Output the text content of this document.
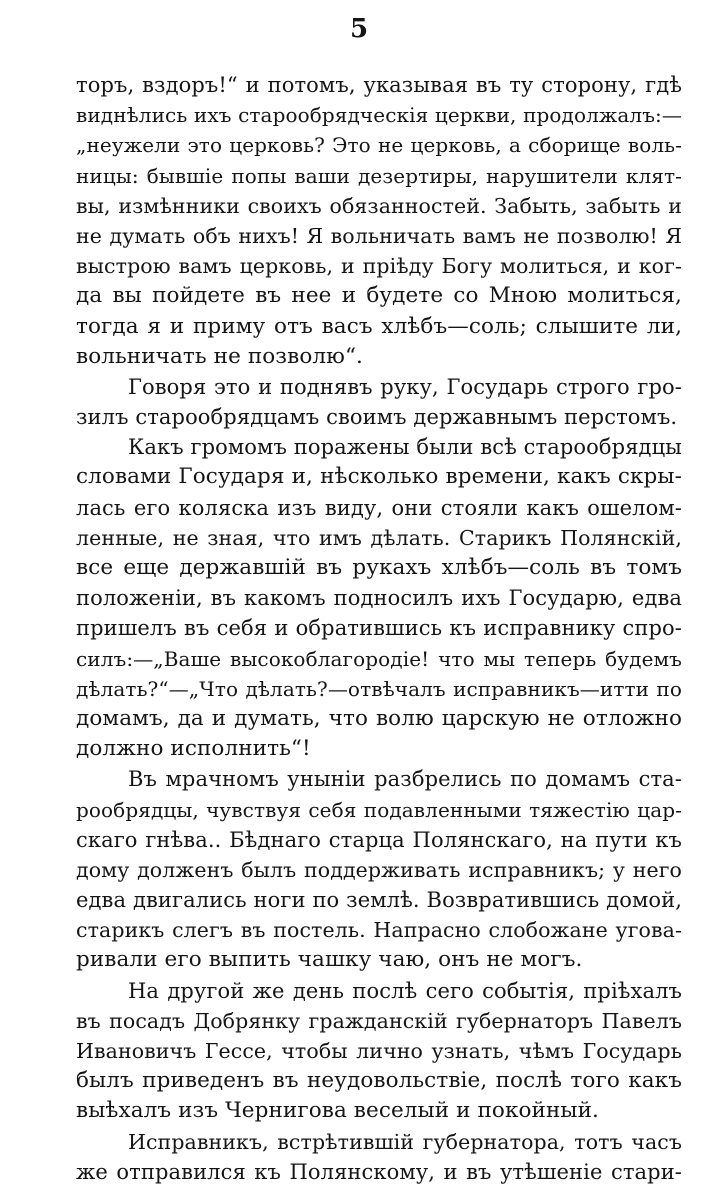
5
торъ, вздоръ!“ и потомъ, указывая въ ту сторону, гдѣ
виднѣлись ихъ старообрядческія церкви, продолжалъ:—
„неужели это церковь? Это не церковь, а сборище воль-
ницы: бывшіе попы ваши дезертиры, нарушители клят-
вы, измѣнники своихъ обязанностей. Забыть, забыть и
не думать объ нихъ! Я вольничать вамъ не позволю! Я
выстрою вамъ церковь, и пріѣду Богу молиться, и ког-
да вы пойдете въ нее и будете со Мною молиться,
тогда я и приму отъ васъ хлѣбъ—соль; слышите ли,
вольничать не позволю“.
Говоря это и поднявъ руку, Государь строго гро-
зилъ старообрядцамъ своимъ державнымъ перстомъ.
Какъ громомъ поражены были всѣ старообрядцы
словами Государя и, нѣсколько времени, какъ скры-
лась его коляска изъ виду, они стояли какъ ошелом-
ленные, не зная, что имъ дѣлать. Старикъ Полянскій,
все еще державшій въ рукахъ хлѣбъ—соль въ томъ
положеніи, въ какомъ подносилъ ихъ Государю, едва
пришелъ въ себя и обратившись къ исправнику спро-
силъ:—„Ваше высокоблагородіе! что мы теперь будемъ
дѣлать?“—„Что дѣлать?—отвѣчалъ исправникъ—итти по
домамъ, да и думать, что волю царскую не отложно
должно исполнить“!
Въ мрачномъ уныніи разбрелись по домамъ ста-
рообрядцы, чувствуя себя подавленными тяжестію цар-
скаго гнѣва.. Бѣднаго старца Полянскаго, на пути къ
дому долженъ былъ поддерживать исправникъ; у него
едва двигались ноги по землѣ. Возвратившись домой,
старикъ слегъ въ постель. Напрасно слобожане угова-
ривали его выпить чашку чаю, онъ не могъ.
На другой же день послѣ сего событія, пріѣхалъ
въ посадъ Добрянку гражданскій губернаторъ Павелъ
Ивановичъ Гессе, чтобы лично узнать, чѣмъ Государь
былъ приведенъ въ неудовольствіе, послѣ того какъ
выѣхалъ изъ Чернигова веселый и покойный.
Исправникъ, встрѣтившій губернатора, тотъ часъ
же отправился къ Полянскому, и въ утѣшеніе стари-
